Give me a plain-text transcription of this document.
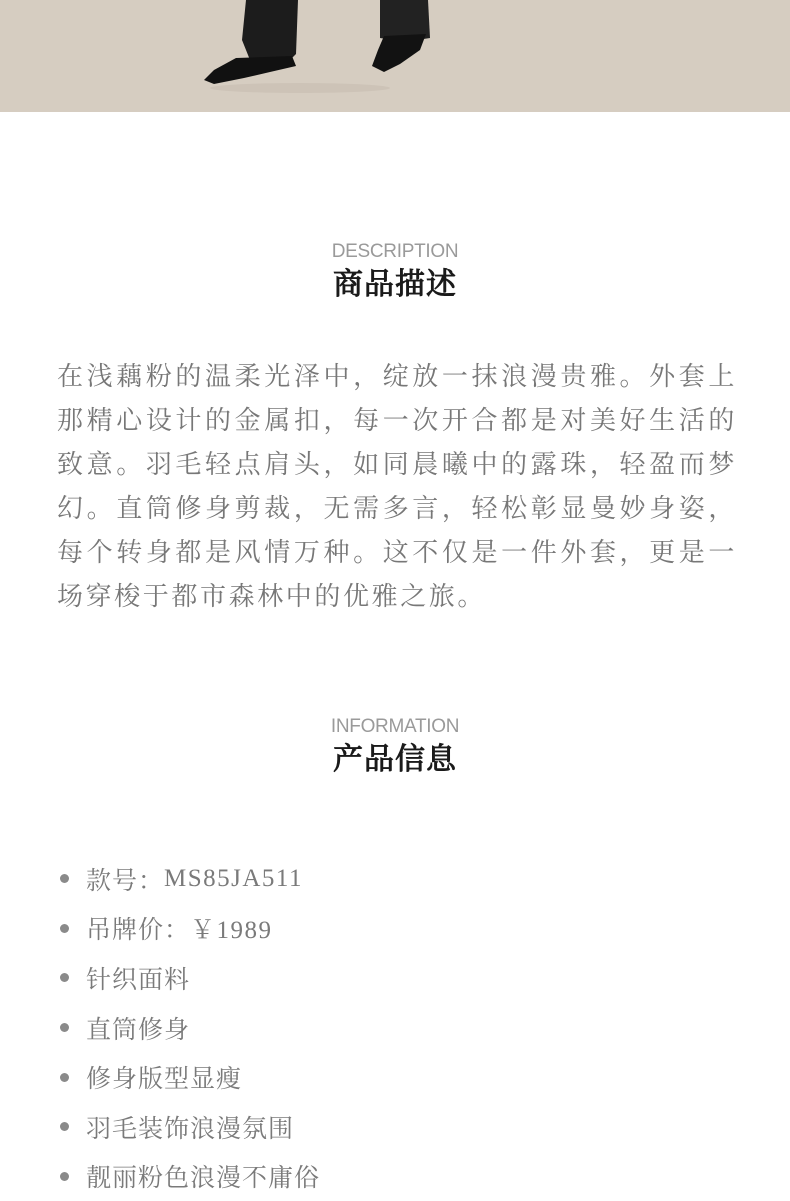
DESCRIPTION
商品描述
在浅藕粉的温柔光泽中，绽放一抹浪漫贵雅。外套上那精心设计的金属扣，每一次开合都是对美好生活的致意。羽毛轻点肩头，如同晨曦中的露珠，轻盈而梦幻。直筒修身剪裁，无需多言，轻松彰显曼妙身姿，每个转身都是风情万种。这不仅是一件外套，更是一场穿梭于都市森林中的优雅之旅。
INFORMATION
产品信息
款号： MS85JA511
吊牌价： ￥1989
针织面料
直筒修身
修身版型显瘦
羽毛装饰浪漫氛围
靓丽粉色浪漫不庸俗
